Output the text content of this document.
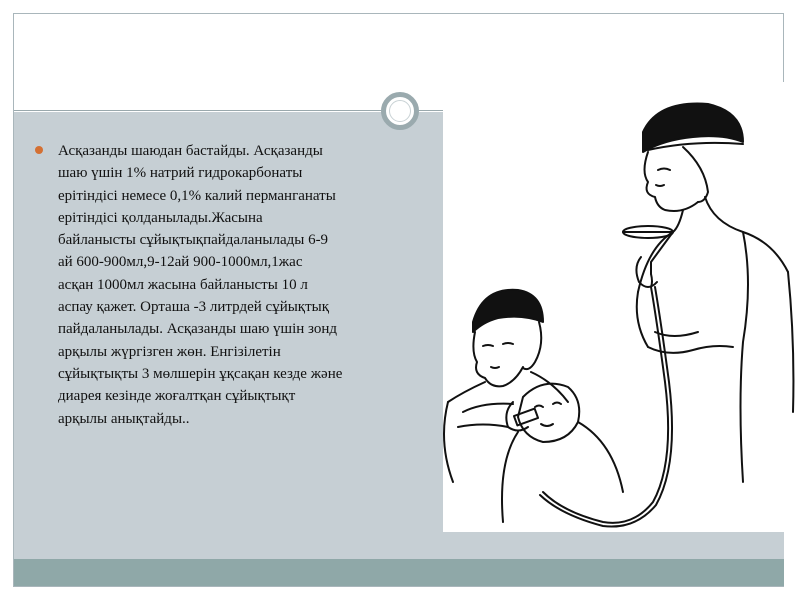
Асқазанды шаюдан бастайды. Асқазанды
шаю үшін 1% натрий гидрокарбонаты
ерітіндісі немесе 0,1% калий перманганаты
ерітіндісі қолданылады.Жасына
байланысты сұйықтықпайдаланылады 6-9
ай 600-900мл,9-12ай 900-1000мл,1жас
асқан 1000мл жасына байланысты 10 л
аспау қажет. Орташа -3 литрдей сұйықтық
пайдаланылады. Асқазанды шаю үшін зонд
арқылы жүргізген жөн. Енгізілетін
сұйықтықты 3 мөлшерін ұқсақан кезде және
диарея кезінде жоғалтқан сұйықтықт
арқылы анықтайды..
